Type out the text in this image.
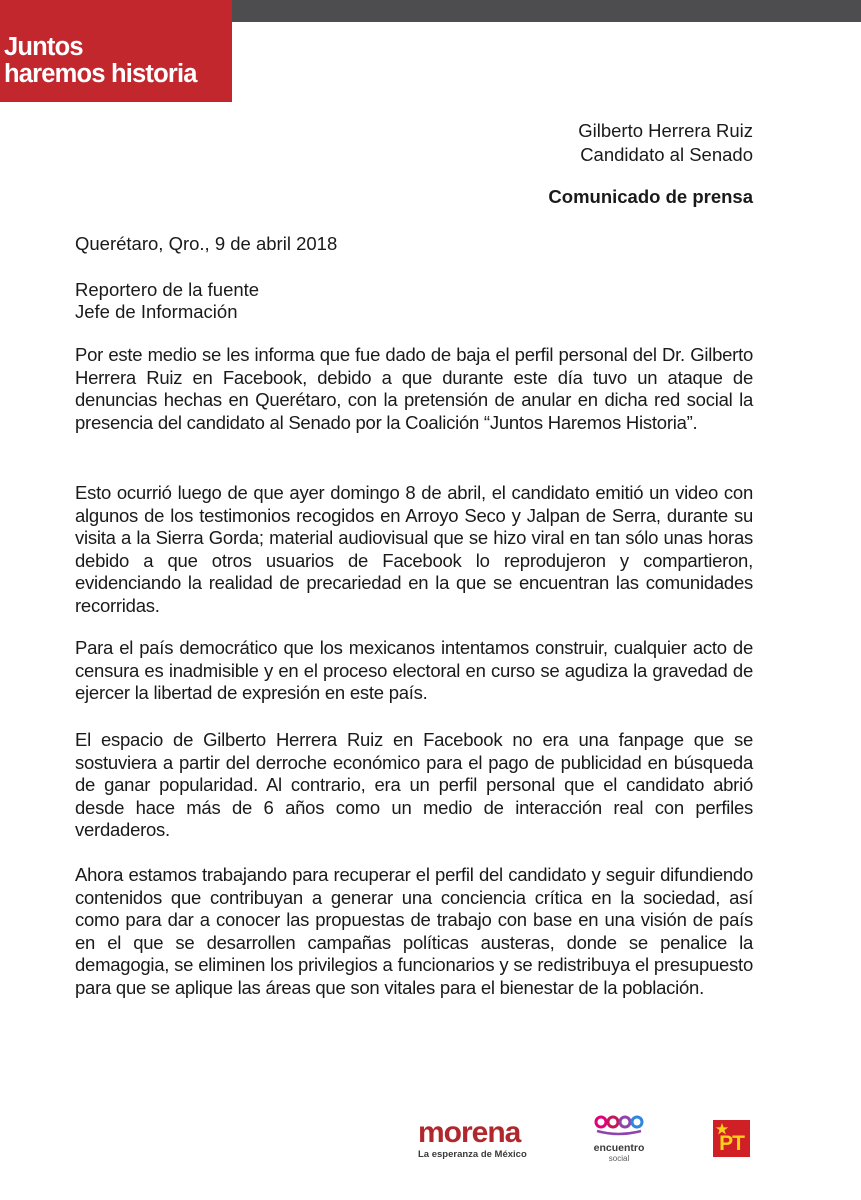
Juntos
haremos historia
Gilberto Herrera Ruiz
Candidato al Senado
Comunicado de prensa
Querétaro, Qro., 9 de abril 2018
Reportero de la fuente
Jefe de Información

Por este medio se les informa que fue dado de baja el perfil personal del Dr. Gilberto Herrera Ruiz en Facebook, debido a que durante este día tuvo un ataque de denuncias hechas en Querétaro, con la pretensión de anular en dicha red social la presencia del candidato al Senado por la Coalición “Juntos Haremos Historia”.

Esto ocurrió luego de que ayer domingo 8 de abril, el candidato emitió un video con algunos de los testimonios recogidos en Arroyo Seco y Jalpan de Serra, durante su visita a la Sierra Gorda; material audiovisual que se hizo viral en tan sólo unas horas debido a que otros usuarios de Facebook lo reprodujeron y compartieron, evidenciando la realidad de precariedad en la que se encuentran las comunidades recorridas.

Para el país democrático que los mexicanos intentamos construir, cualquier acto de censura es inadmisible y en el proceso electoral en curso se agudiza la gravedad de ejercer la libertad de expresión en este país.

El espacio de Gilberto Herrera Ruiz en Facebook no era una fanpage que se sostuviera a partir del derroche económico para el pago de publicidad en búsqueda de ganar popularidad. Al contrario, era un perfil personal que el candidato abrió desde hace más de 6 años como un medio de interacción real con perfiles verdaderos.

Ahora estamos trabajando para recuperar el perfil del candidato y seguir difundiendo contenidos que contribuyan a generar una conciencia crítica en la sociedad, así como para dar a conocer las propuestas de trabajo con base en una visión de país en el que se desarrollen campañas políticas austeras, donde se penalice la demagogia, se eliminen los privilegios a funcionarios y se redistribuya el presupuesto para que se aplique las áreas que son vitales para el bienestar de la población.

morena
La esperanza de México
encuentro
social
PT
